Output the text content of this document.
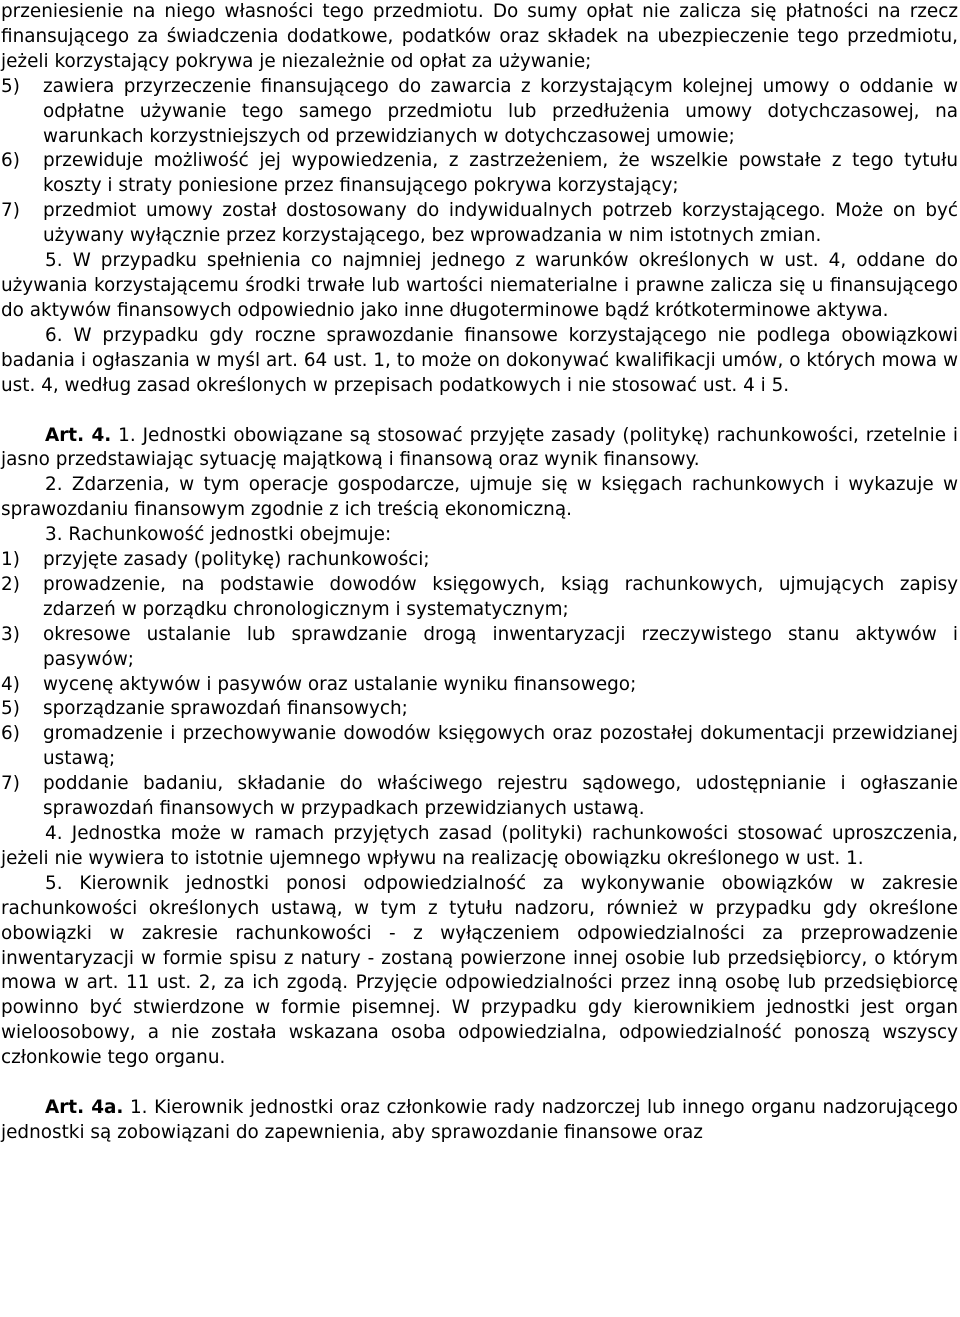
przeniesienie na niego własności tego przedmiotu. Do sumy opłat nie zalicza się płatności na rzecz finansującego za świadczenia dodatkowe, podatków oraz składek na ubezpieczenie tego przedmiotu, jeżeli korzystający pokrywa je niezależnie od opłat za używanie;

5)	zawiera przyrzeczenie finansującego do zawarcia z korzystającym kolejnej umowy o oddanie w odpłatne używanie tego samego przedmiotu lub przedłużenia umowy dotychczasowej, na warunkach korzystniejszych od przewidzianych w dotychczasowej umowie;
6)	przewiduje możliwość jej wypowiedzenia, z zastrzeżeniem, że wszelkie powstałe z tego tytułu koszty i straty poniesione przez finansującego pokrywa korzystający;
7)	przedmiot umowy został dostosowany do indywidualnych potrzeb korzystającego. Może on być używany wyłącznie przez korzystającego, bez wprowadzania w nim istotnych zmian.

5. W przypadku spełnienia co najmniej jednego z warunków określonych w ust. 4, oddane do używania korzystającemu środki trwałe lub wartości niematerialne i prawne zalicza się u finansującego do aktywów finansowych odpowiednio jako inne długoterminowe bądź krótkoterminowe aktywa.

6. W przypadku gdy roczne sprawozdanie finansowe korzystającego nie podlega obowiązkowi badania i ogłaszania w myśl art. 64 ust. 1, to może on dokonywać kwalifikacji umów, o których mowa w ust. 4, według zasad określonych w przepisach podatkowych i nie stosować ust. 4 i 5.

Art. 4. 1. Jednostki obowiązane są stosować przyjęte zasady (politykę) rachunkowości, rzetelnie i jasno przedstawiając sytuację majątkową i finansową oraz wynik finansowy.

2. Zdarzenia, w tym operacje gospodarcze, ujmuje się w księgach rachunkowych i wykazuje w sprawozdaniu finansowym zgodnie z ich treścią ekonomiczną.

3. Rachunkowość jednostki obejmuje:

1)	przyjęte zasady (politykę) rachunkowości;
2)	prowadzenie, na podstawie dowodów księgowych, ksiąg rachunkowych, ujmujących zapisy zdarzeń w porządku chronologicznym i systematycznym;
3)	okresowe ustalanie lub sprawdzanie drogą inwentaryzacji rzeczywistego stanu aktywów i pasywów;
4)	wycenę aktywów i pasywów oraz ustalanie wyniku finansowego;
5)	sporządzanie sprawozdań finansowych;
6)	gromadzenie i przechowywanie dowodów księgowych oraz pozostałej dokumentacji przewidzianej ustawą;
7)	poddanie badaniu, składanie do właściwego rejestru sądowego, udostępnianie i ogłaszanie sprawozdań finansowych w przypadkach przewidzianych ustawą.

4. Jednostka może w ramach przyjętych zasad (polityki) rachunkowości stosować uproszczenia, jeżeli nie wywiera to istotnie ujemnego wpływu na realizację obowiązku określonego w ust. 1.

5. Kierownik jednostki ponosi odpowiedzialność za wykonywanie obowiązków w zakresie rachunkowości określonych ustawą, w tym z tytułu nadzoru, również w przypadku gdy określone obowiązki w zakresie rachunkowości - z wyłączeniem odpowiedzialności za przeprowadzenie inwentaryzacji w formie spisu z natury - zostaną powierzone innej osobie lub przedsiębiorcy, o którym mowa w art. 11 ust. 2, za ich zgodą. Przyjęcie odpowiedzialności przez inną osobę lub przedsiębiorcę powinno być stwierdzone w formie pisemnej. W przypadku gdy kierownikiem jednostki jest organ wieloosobowy, a nie została wskazana osoba odpowiedzialna, odpowiedzialność ponoszą wszyscy członkowie tego organu.

Art. 4a. 1. Kierownik jednostki oraz członkowie rady nadzorczej lub innego organu nadzorującego jednostki są zobowiązani do zapewnienia, aby sprawozdanie finansowe oraz
